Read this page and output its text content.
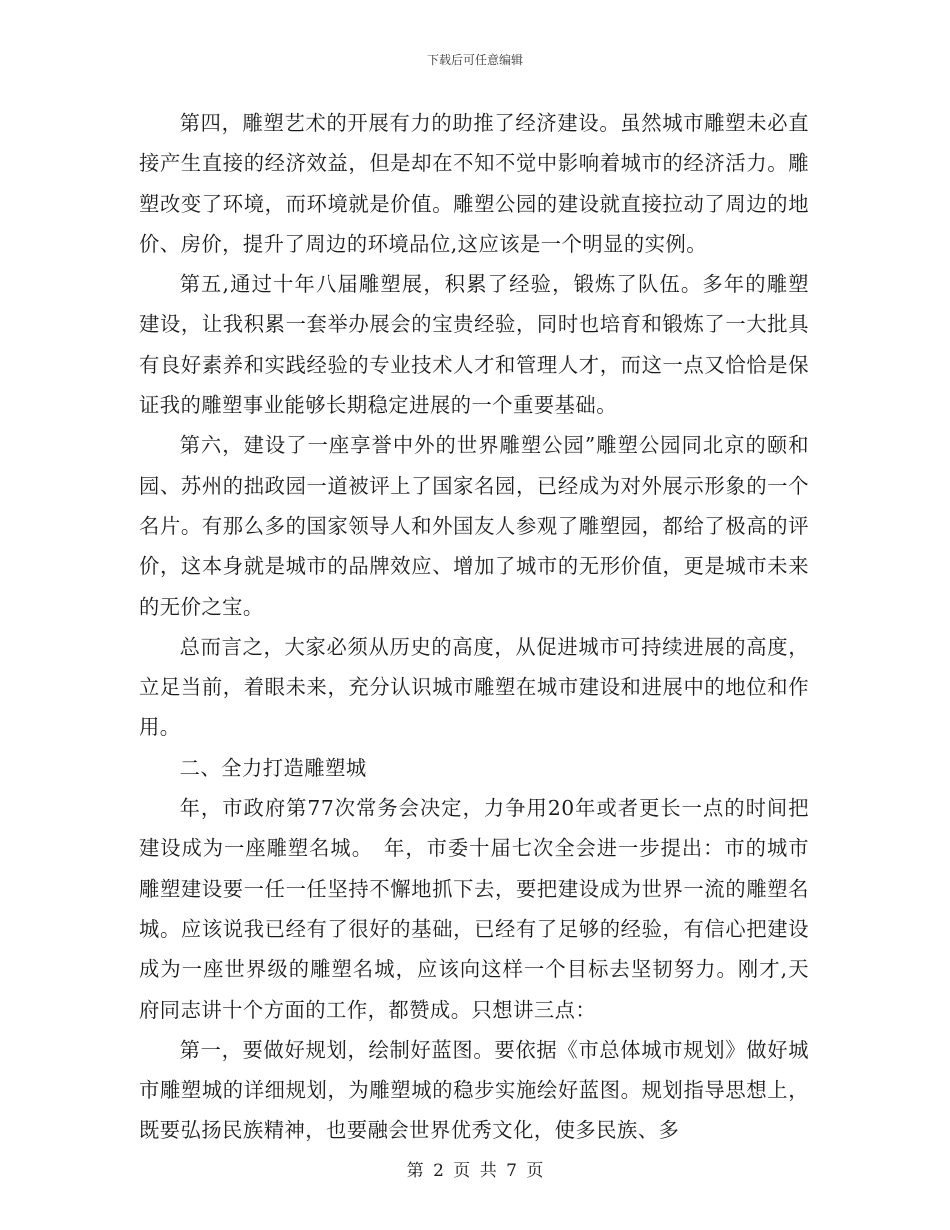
下载后可任意编辑

第四，雕塑艺术的开展有力的助推了经济建设。虽然城市雕塑未必直接产生直接的经济效益，但是却在不知不觉中影响着城市的经济活力。雕塑改变了环境，而环境就是价值。雕塑公园的建设就直接拉动了周边的地价、房价，提升了周边的环境品位,这应该是一个明显的实例。

第五,通过十年八届雕塑展，积累了经验，锻炼了队伍。多年的雕塑建设，让我积累一套举办展会的宝贵经验，同时也培育和锻炼了一大批具有良好素养和实践经验的专业技术人才和管理人才，而这一点又恰恰是保证我的雕塑事业能够长期稳定进展的一个重要基础。

第六，建设了一座享誉中外的世界雕塑公园”雕塑公园同北京的颐和园、苏州的拙政园一道被评上了国家名园，已经成为对外展示形象的一个名片。有那么多的国家领导人和外国友人参观了雕塑园，都给了极高的评价，这本身就是城市的品牌效应、增加了城市的无形价值，更是城市未来的无价之宝。

总而言之，大家必须从历史的高度，从促进城市可持续进展的高度，立足当前，着眼未来，充分认识城市雕塑在城市建设和进展中的地位和作用。

二、全力打造雕塑城

年，市政府第77次常务会决定，力争用20年或者更长一点的时间把建设成为一座雕塑名城。　年，市委十届七次全会进一步提出：市的城市雕塑建设要一任一任坚持不懈地抓下去，要把建设成为世界一流的雕塑名城。应该说我已经有了很好的基础，已经有了足够的经验，有信心把建设成为一座世界级的雕塑名城，应该向这样一个目标去坚韧努力。刚才,天府同志讲十个方面的工作，都赞成。只想讲三点：

第一，要做好规划，绘制好蓝图。要依据《市总体城市规划》做好城市雕塑城的详细规划，为雕塑城的稳步实施绘好蓝图。规划指导思想上，既要弘扬民族精神，也要融会世界优秀文化，使多民族、多

第 2 页 共 7 页
